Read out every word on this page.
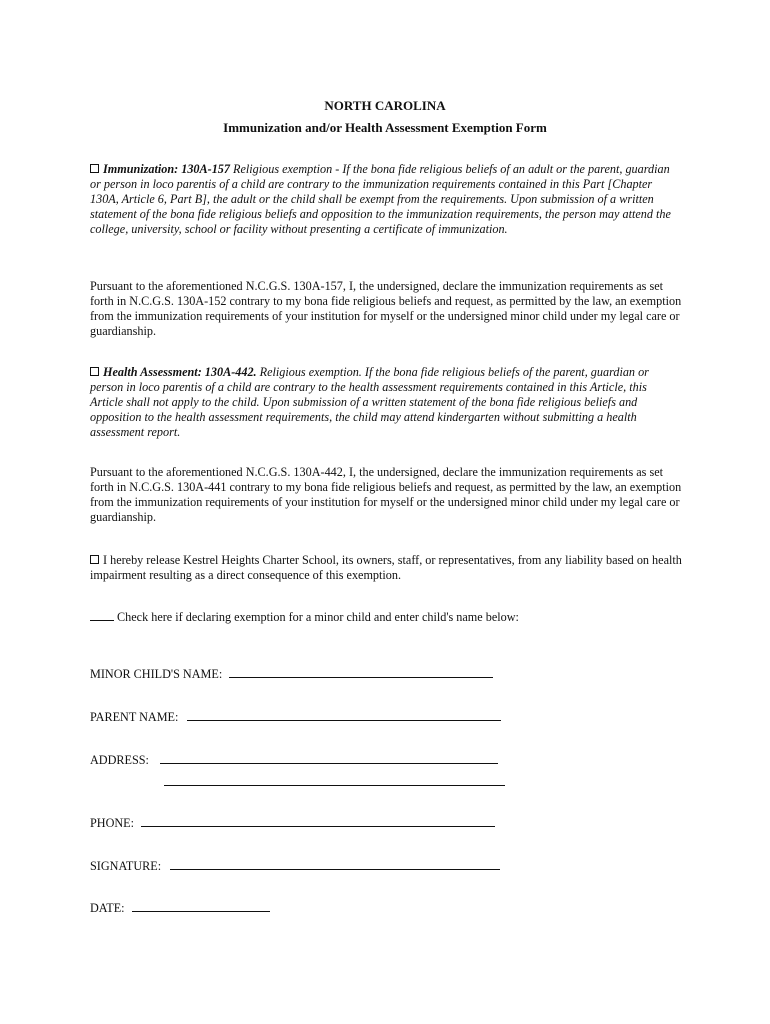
NORTH CAROLINA
Immunization and/or Health Assessment Exemption Form
Immunization: 130A-157 Religious exemption - If the bona fide religious beliefs of an adult or the parent, guardian or person in loco parentis of a child are contrary to the immunization requirements contained in this Part [Chapter 130A, Article 6, Part B], the adult or the child shall be exempt from the requirements. Upon submission of a written statement of the bona fide religious beliefs and opposition to the immunization requirements, the person may attend the college, university, school or facility without presenting a certificate of immunization.
Pursuant to the aforementioned N.C.G.S. 130A-157, I, the undersigned, declare the immunization requirements as set forth in N.C.G.S. 130A-152 contrary to my bona fide religious beliefs and request, as permitted by the law, an exemption from the immunization requirements of your institution for myself or the undersigned minor child under my legal care or guardianship.
Health Assessment: 130A-442. Religious exemption. If the bona fide religious beliefs of the parent, guardian or person in loco parentis of a child are contrary to the health assessment requirements contained in this Article, this Article shall not apply to the child. Upon submission of a written statement of the bona fide religious beliefs and opposition to the health assessment requirements, the child may attend kindergarten without submitting a health assessment report.
Pursuant to the aforementioned N.C.G.S. 130A-442, I, the undersigned, declare the immunization requirements as set forth in N.C.G.S. 130A-441 contrary to my bona fide religious beliefs and request, as permitted by the law, an exemption from the immunization requirements of your institution for myself or the undersigned minor child under my legal care or guardianship.
I hereby release Kestrel Heights Charter School, its owners, staff, or representatives, from any liability based on health impairment resulting as a direct consequence of this exemption.
Check here if declaring exemption for a minor child and enter child's name below:
MINOR CHILD'S NAME:
PARENT NAME:
ADDRESS:
PHONE:
SIGNATURE:
DATE:
